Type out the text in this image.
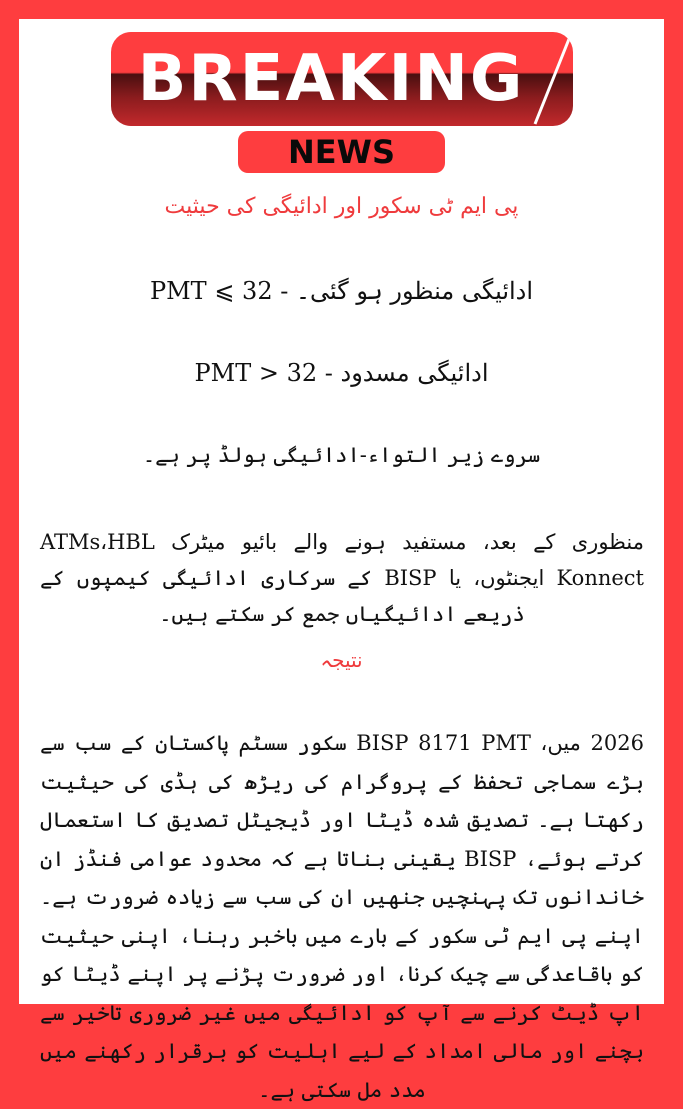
BREAKING
NEWS
پی ایم ٹی سکور اور ادائیگی کی حیثیت
PMT ⩽ 32 - ادائیگی منظور ہو گئی۔
PMT > 32 - ادائیگی مسدود
سروے زیر التواء-ادائیگی ہولڈ پر ہے۔
منظوری کے بعد، مستفید ہونے والے بائیو میٹرک ATMs،HBL Konnect ایجنٹوں، یا BISP کے سرکاری ادائیگی کیمپوں کے ذریعے ادائیگیاں جمع کر سکتے ہیں۔
نتیجہ
2026 میں، BISP 8171 PMT سکور سسٹم پاکستان کے سب سے بڑے سماجی تحفظ کے پروگرام کی ریڑھ کی ہڈی کی حیثیت رکھتا ہے۔ تصدیق شدہ ڈیٹا اور ڈیجیٹل تصدیق کا استعمال کرتے ہوئے، BISP یقینی بناتا ہے کہ محدود عوامی فنڈز ان خاندانوں تک پہنچیں جنھیں ان کی سب سے زیادہ ضرورت ہے۔ اپنے پی ایم ٹی سکور کے بارے میں باخبر رہنا، اپنی حیثیت کو باقاعدگی سے چیک کرنا، اور ضرورت پڑنے پر اپنے ڈیٹا کو اپ ڈیٹ کرنے سے آپ کو ادائیگی میں غیر ضروری تاخیر سے بچنے اور مالی امداد کے لیے اہلیت کو برقرار رکھنے میں مدد مل سکتی ہے۔
